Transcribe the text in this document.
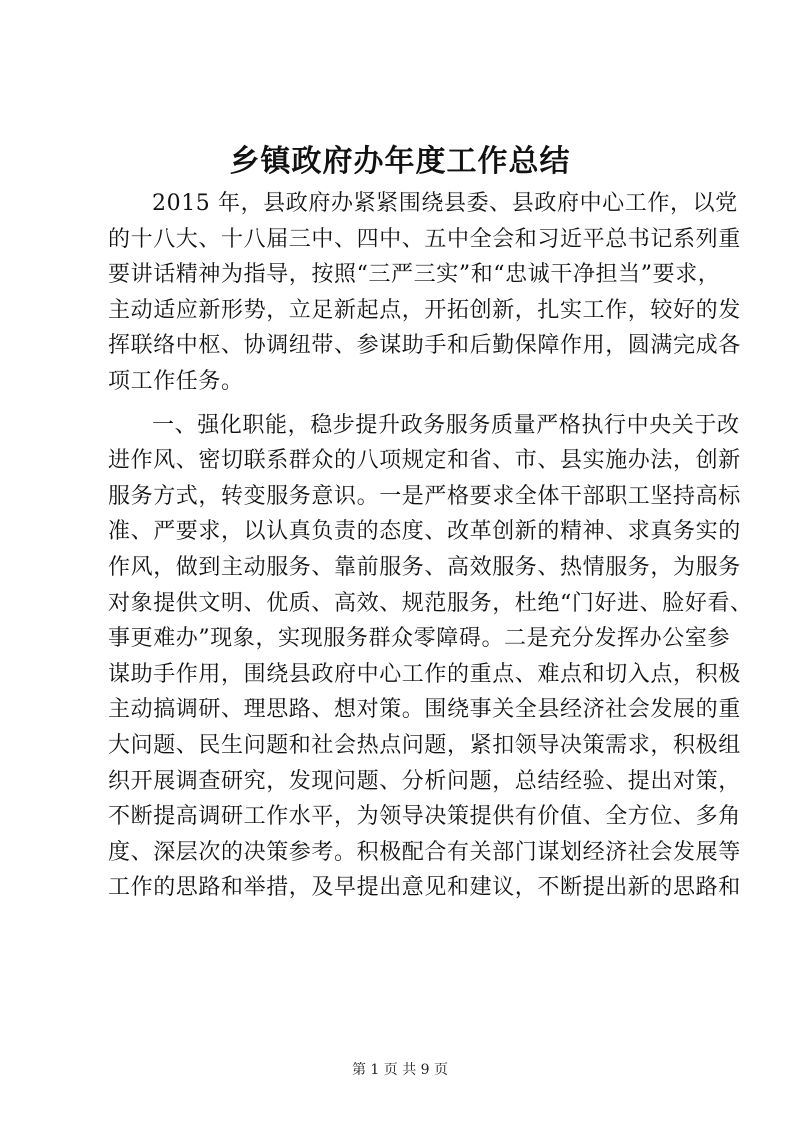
乡镇政府办年度工作总结
2015 年，县政府办紧紧围绕县委、县政府中心工作，以党
的十八大、十八届三中、四中、五中全会和习近平总书记系列重
要讲话精神为指导，按照“三严三实”和“忠诚干净担当”要求，
主动适应新形势，立足新起点，开拓创新，扎实工作，较好的发
挥联络中枢、协调纽带、参谋助手和后勤保障作用，圆满完成各
项工作任务。
一、强化职能，稳步提升政务服务质量严格执行中央关于改
进作风、密切联系群众的八项规定和省、市、县实施办法，创新
服务方式，转变服务意识。一是严格要求全体干部职工坚持高标
准、严要求，以认真负责的态度、改革创新的精神、求真务实的
作风，做到主动服务、靠前服务、高效服务、热情服务，为服务
对象提供文明、优质、高效、规范服务，杜绝“门好进、脸好看、
事更难办”现象，实现服务群众零障碍。二是充分发挥办公室参
谋助手作用，围绕县政府中心工作的重点、难点和切入点，积极
主动搞调研、理思路、想对策。围绕事关全县经济社会发展的重
大问题、民生问题和社会热点问题，紧扣领导决策需求，积极组
织开展调查研究，发现问题、分析问题，总结经验、提出对策，
不断提高调研工作水平，为领导决策提供有价值、全方位、多角
度、深层次的决策参考。积极配合有关部门谋划经济社会发展等
工作的思路和举措，及早提出意见和建议，不断提出新的思路和
第 1 页 共 9 页
